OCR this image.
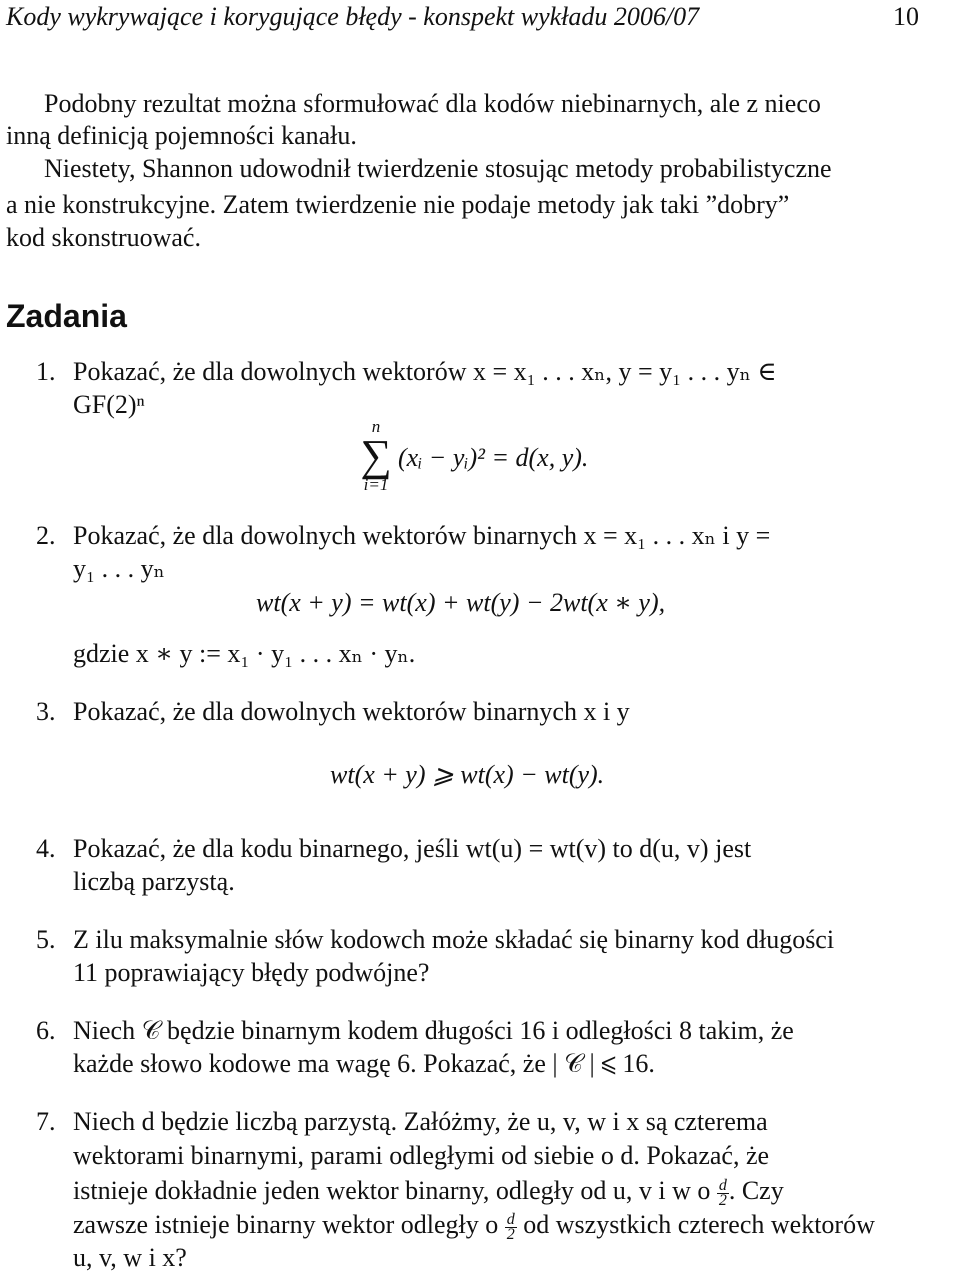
Kody wykrywające i korygujące błędy - konspekt wykładu 2006/07	10
Podobny rezultat można sformułować dla kodów niebinarnych, ale z nieco
inną definicją pojemności kanału.
Niestety, Shannon udowodnił twierdzenie stosując metody probabilistyczne
a nie konstrukcyjne. Zatem twierdzenie nie podaje metody jak taki ”dobry”
kod skonstruować.
Zadania
1. Pokazać, że dla dowolnych wektorów x = x₁ . . . xₙ, y = y₁ . . . yₙ ∈
GF(2)ⁿ
n
∑
i=1
(xᵢ − yᵢ)² = d(x, y).
2. Pokazać, że dla dowolnych wektorów binarnych x = x₁ . . . xₙ i y =
y₁ . . . yₙ
wt(x + y) = wt(x) + wt(y) − 2wt(x ∗ y),
gdzie x ∗ y := x₁ · y₁ . . . xₙ · yₙ.
3. Pokazać, że dla dowolnych wektorów binarnych x i y
wt(x + y) ⩾ wt(x) − wt(y).
4. Pokazać, że dla kodu binarnego, jeśli wt(u) = wt(v) to d(u, v) jest
liczbą parzystą.
5. Z ilu maksymalnie słów kodowch może składać się binarny kod długości
11 poprawiający błędy podwójne?
6. Niech 𝒞 będzie binarnym kodem długości 16 i odległości 8 takim, że
każde słowo kodowe ma wagę 6. Pokazać, że | 𝒞 | ⩽ 16.
7. Niech d będzie liczbą parzystą. Załóżmy, że u, v, w i x są czterema
wektorami binarnymi, parami odległymi od siebie o d. Pokazać, że
istnieje dokładnie jeden wektor binarny, odległy od u, v i w o $\frac{d}{2}$ . Czy
zawsze istnieje binarny wektor odległy o $\frac{d}{2}$ od wszystkich czterech wektorów
u, v, w i x?
